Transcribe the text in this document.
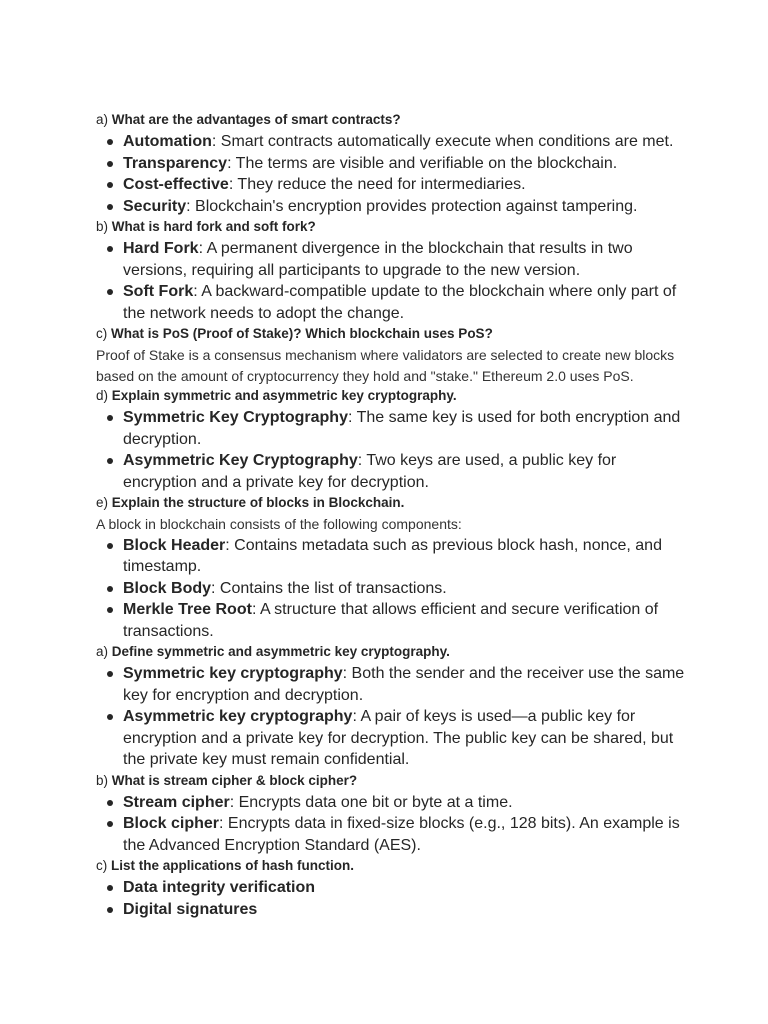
a) What are the advantages of smart contracts?
Automation: Smart contracts automatically execute when conditions are met.
Transparency: The terms are visible and verifiable on the blockchain.
Cost-effective: They reduce the need for intermediaries.
Security: Blockchain's encryption provides protection against tampering.
b) What is hard fork and soft fork?
Hard Fork: A permanent divergence in the blockchain that results in two versions, requiring all participants to upgrade to the new version.
Soft Fork: A backward-compatible update to the blockchain where only part of the network needs to adopt the change.
c) What is PoS (Proof of Stake)? Which blockchain uses PoS?
Proof of Stake is a consensus mechanism where validators are selected to create new blocks based on the amount of cryptocurrency they hold and "stake." Ethereum 2.0 uses PoS.
d) Explain symmetric and asymmetric key cryptography.
Symmetric Key Cryptography: The same key is used for both encryption and decryption.
Asymmetric Key Cryptography: Two keys are used, a public key for encryption and a private key for decryption.
e) Explain the structure of blocks in Blockchain.
A block in blockchain consists of the following components:
Block Header: Contains metadata such as previous block hash, nonce, and timestamp.
Block Body: Contains the list of transactions.
Merkle Tree Root: A structure that allows efficient and secure verification of transactions.
a) Define symmetric and asymmetric key cryptography.
Symmetric key cryptography: Both the sender and the receiver use the same key for encryption and decryption.
Asymmetric key cryptography: A pair of keys is used—a public key for encryption and a private key for decryption. The public key can be shared, but the private key must remain confidential.
b) What is stream cipher & block cipher?
Stream cipher: Encrypts data one bit or byte at a time.
Block cipher: Encrypts data in fixed-size blocks (e.g., 128 bits). An example is the Advanced Encryption Standard (AES).
c) List the applications of hash function.
Data integrity verification
Digital signatures
